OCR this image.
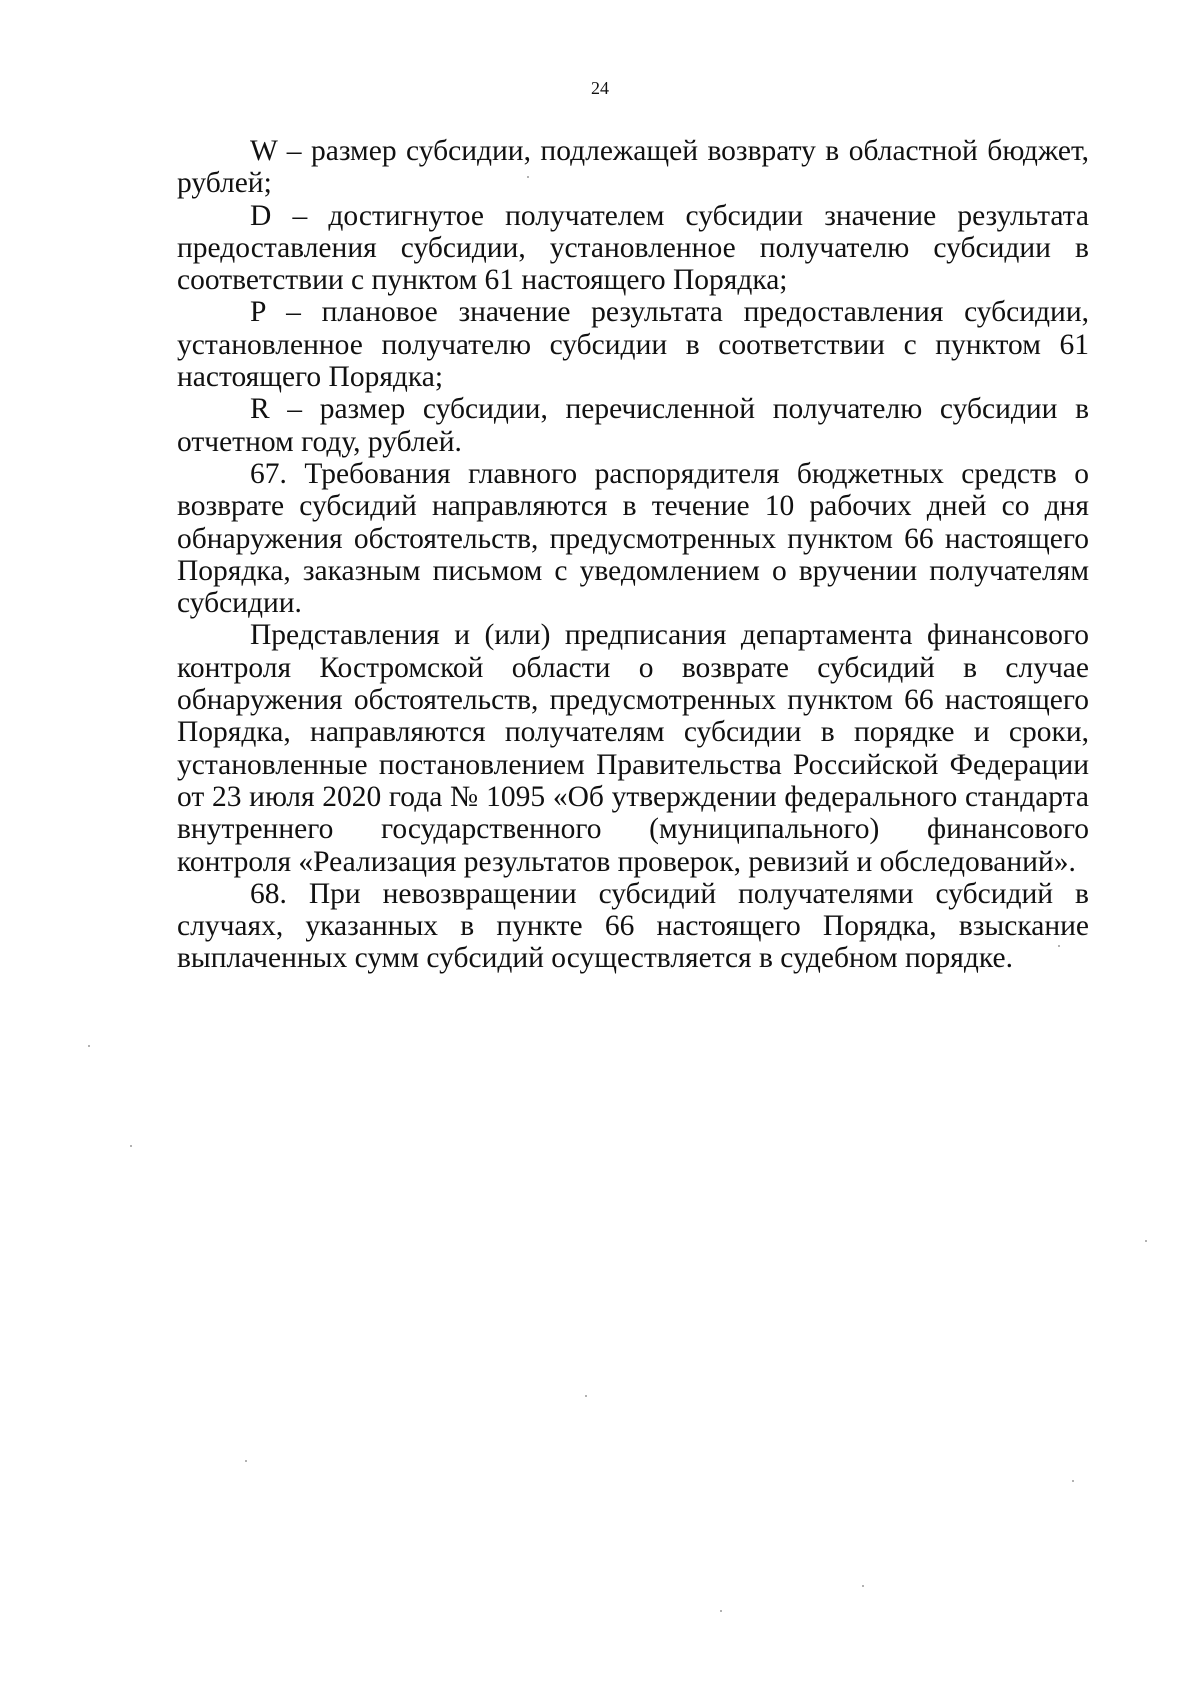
24

W – размер субсидии, подлежащей возврату в областной бюджет, рублей;

D – достигнутое получателем субсидии значение результата предоставления субсидии, установленное получателю субсидии в соответствии с пунктом 61 настоящего Порядка;

P – плановое значение результата предоставления субсидии, установленное получателю субсидии в соответствии с пунктом 61 настоящего Порядка;

R – размер субсидии, перечисленной получателю субсидии в отчетном году, рублей.

67. Требования главного распорядителя бюджетных средств о возврате субсидий направляются в течение 10 рабочих дней со дня обнаружения обстоятельств, предусмотренных пунктом 66 настоящего Порядка, заказным письмом с уведомлением о вручении получателям субсидии.

Представления и (или) предписания департамента финансового контроля Костромской области о возврате субсидий в случае обнаружения обстоятельств, предусмотренных пунктом 66 настоящего Порядка, направляются получателям субсидии в порядке и сроки, установленные постановлением Правительства Российской Федерации от 23 июля 2020 года № 1095 «Об утверждении федерального стандарта внутреннего государственного (муниципального) финансового контроля «Реализация результатов проверок, ревизий и обследований».

68. При невозвращении субсидий получателями субсидий в случаях, указанных в пункте 66 настоящего Порядка, взыскание выплаченных сумм субсидий осуществляется в судебном порядке.
